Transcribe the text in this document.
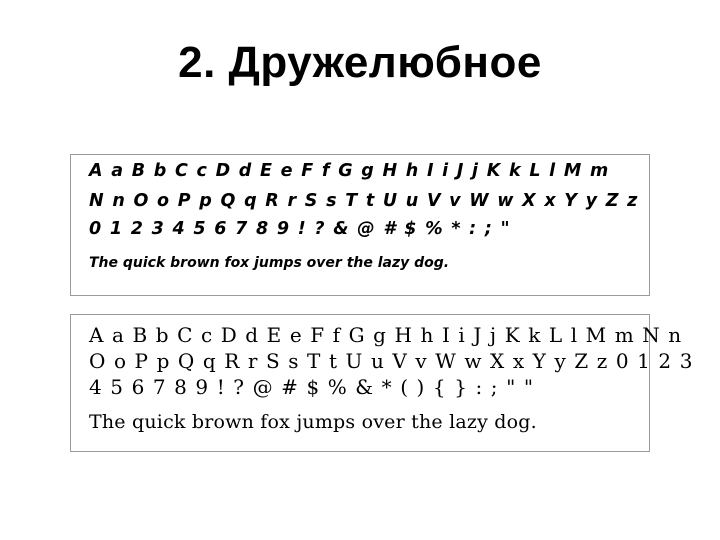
2. Дружелюбное
A a B b C c D d E e F f G g H h I i J j K k L l M m
N n O o P p Q q R r S s T t U u V v W w X x Y y Z z
0 1 2 3 4 5 6 7 8 9 ! ? & @ # $ % * : ; "
The quick brown fox jumps over the lazy dog.
A a B b C c D d E e F f G g H h I i J j K k L l M m N n
O o P p Q q R r S s T t U u V v W w X x Y y Z z 0 1 2 3
4 5 6 7 8 9 ! ? @ # $ % & * ( ) { } : ; " "
The quick brown fox jumps over the lazy dog.
